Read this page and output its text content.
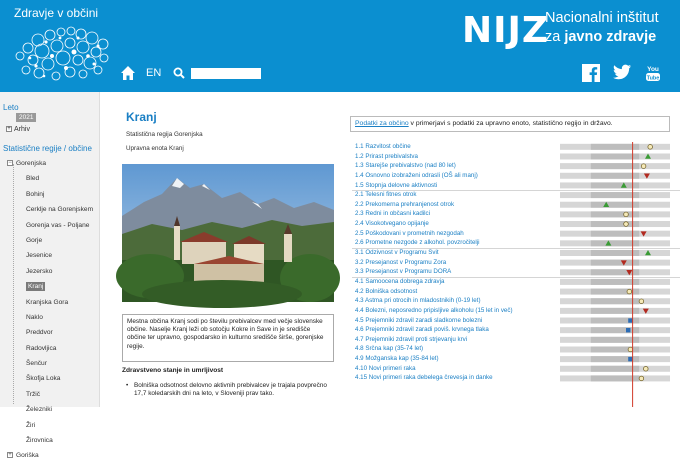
Zdravje v občini	NIJZ
Nacionalni inštitut
za javno zdravje
EN	You
Tube
Leto
2021
+ Arhiv
Statistične regije / občine
− Gorenjska
Bled
Bohinj
Cerklje na Gorenjskem
Gorenja vas - Poljane
Gorje
Jesenice
Jezersko
Kranj
Kranjska Gora
Naklo
Preddvor
Radovljica
Šenčur
Škofja Loka
Tržič
Železniki
Žiri
Žirovnica
+ Goriška
Kranj
Statistična regija Gorenjska
Upravna enota Kranj
Mestna občina Kranj sodi po številu prebivalcev med večje slovenske občine. Naselje Kranj leži ob sotočju Kokre in Save in je središče občine ter upravno, gospodarsko in kulturno središče širše, gorenjske regije.
Zdravstveno stanje in umrljivost
• Bolniška odsotnost delovno aktivnih prebivalcev je trajala povprečno 17,7 koledarskih dni na leto, v Sloveniji prav tako.
Podatki za občino v primerjavi s podatki za upravno enoto, statistično regijo in državo.
1.1 Razvitost občine
1.2 Prirast prebivalstva
1.3 Starejše prebivalstvo (nad 80 let)
1.4 Osnovno izobraženi odrasli (OŠ ali manj)
1.5 Stopnja delovne aktivnosti
2.1 Telesni fitnes otrok
2.2 Prekomerna prehranjenost otrok
2.3 Redni in občasni kadilci
2.4 Visokotvegano opijanje
2.5 Poškodovani v prometnih nezgodah
2.6 Prometne nezgode z alkohol. povzročitelji
3.1 Odzivnost v Programu Svit
3.2 Presejanost v Programu Zora
3.3 Presejanost v Programu DORA
4.1 Samoocena dobrega zdravja
4.2 Bolniška odsotnost
4.3 Astma pri otrocih in mladostnikih (0-19 let)
4.4 Bolezni, neposredno pripisljive alkoholu (15 let in več)
4.5 Prejemniki zdravil zaradi sladkorne bolezni
4.6 Prejemniki zdravil zaradi poviš. krvnega tlaka
4.7 Prejemniki zdravil proti strjevanju krvi
4.8 Srčna kap (35-74 let)
4.9 Možganska kap (35-84 let)
4.10 Novi primeri raka
4.15 Novi primeri raka debelega črevesja in danke
